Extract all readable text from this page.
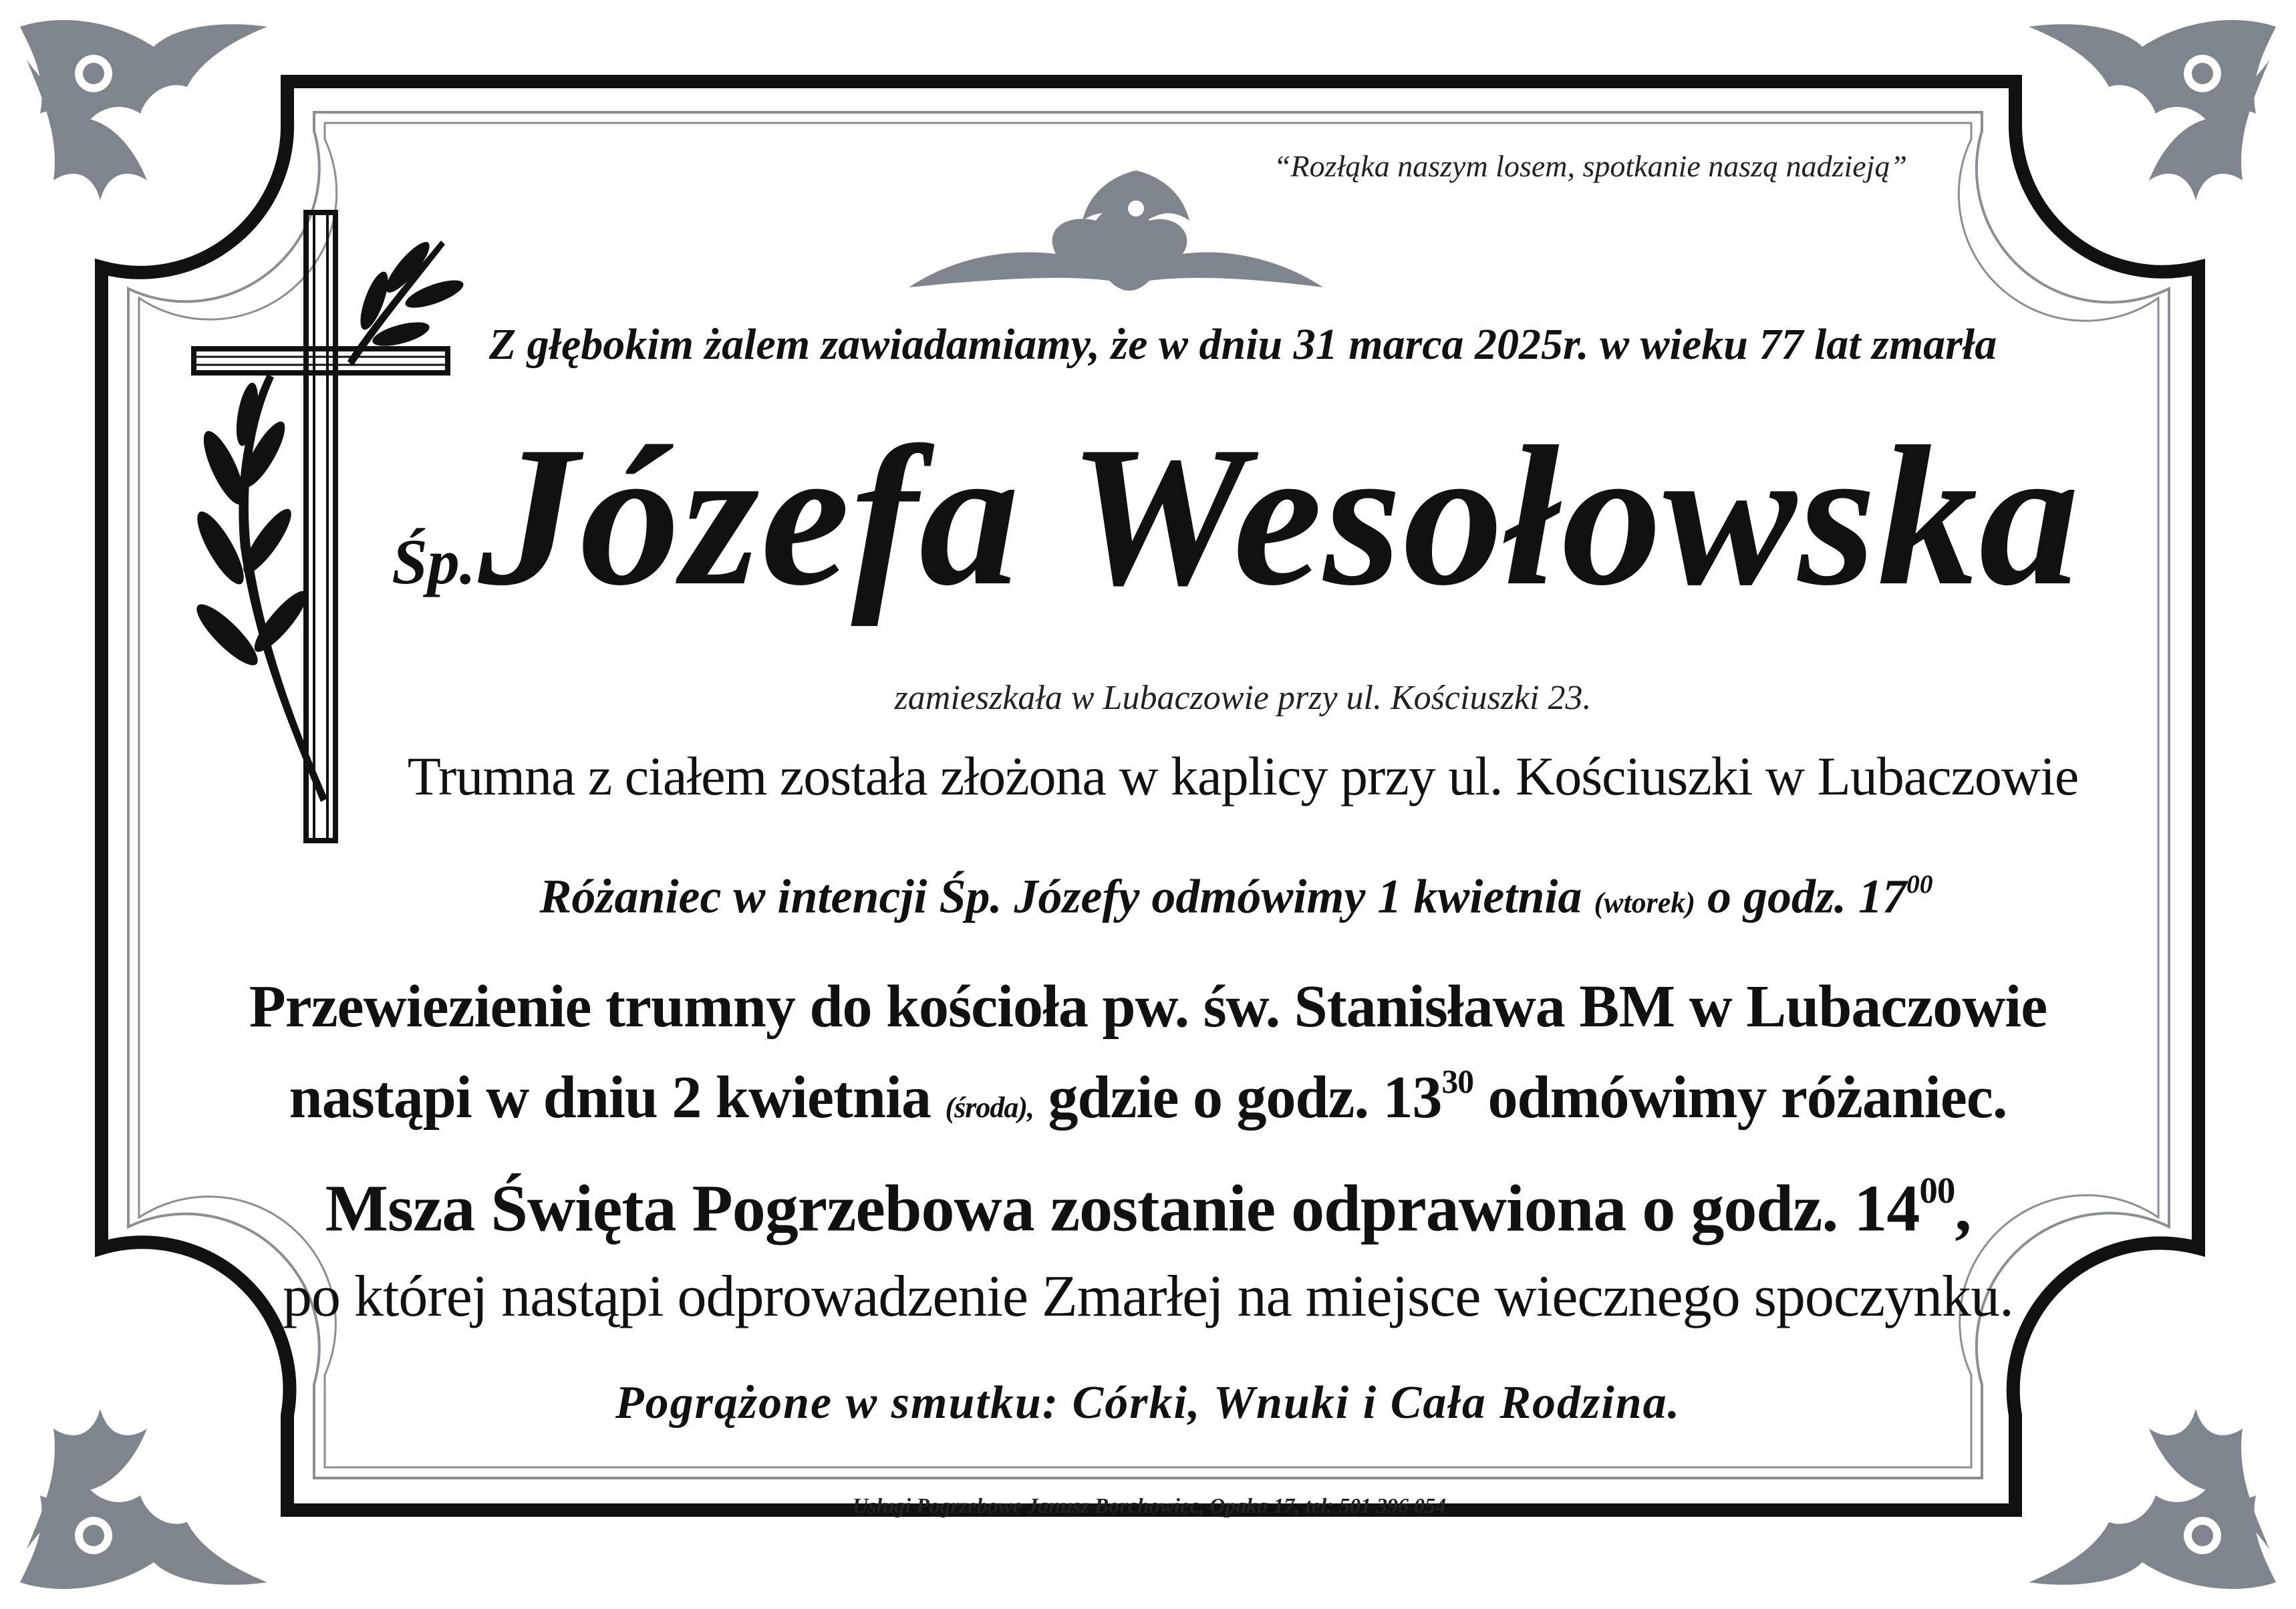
“Rozłąka naszym losem, spotkanie naszą nadzieją”
Z głębokim żalem zawiadamiamy, że w dniu 31 marca 2025r. w wieku 77 lat zmarła
Śp. Józefa Wesołowska
zamieszkała w Lubaczowie przy ul. Kościuszki 23.
Trumna z ciałem została złożona w kaplicy przy ul. Kościuszki w Lubaczowie
Różaniec w intencji Śp. Józefy odmówimy 1 kwietnia (wtorek) o godz. $17^{00}$
Przewiezienie trumny do kościoła pw. św. Stanisława BM w Lubaczowie
nastąpi w dniu 2 kwietnia (środa), gdzie o godz. $13^{30}$ odmówimy różaniec.
Msza Święta Pogrzebowa zostanie odprawiona o godz. $14^{00}$,
po której nastąpi odprowadzenie Zmarłej na miejsce wiecznego spoczynku.
Pogrążone w smutku: Córki, Wnuki i Cała Rodzina.
Usługi Pogrzebowe Janusz Borchowiec, Opaka 17, tel: 501 396 054
